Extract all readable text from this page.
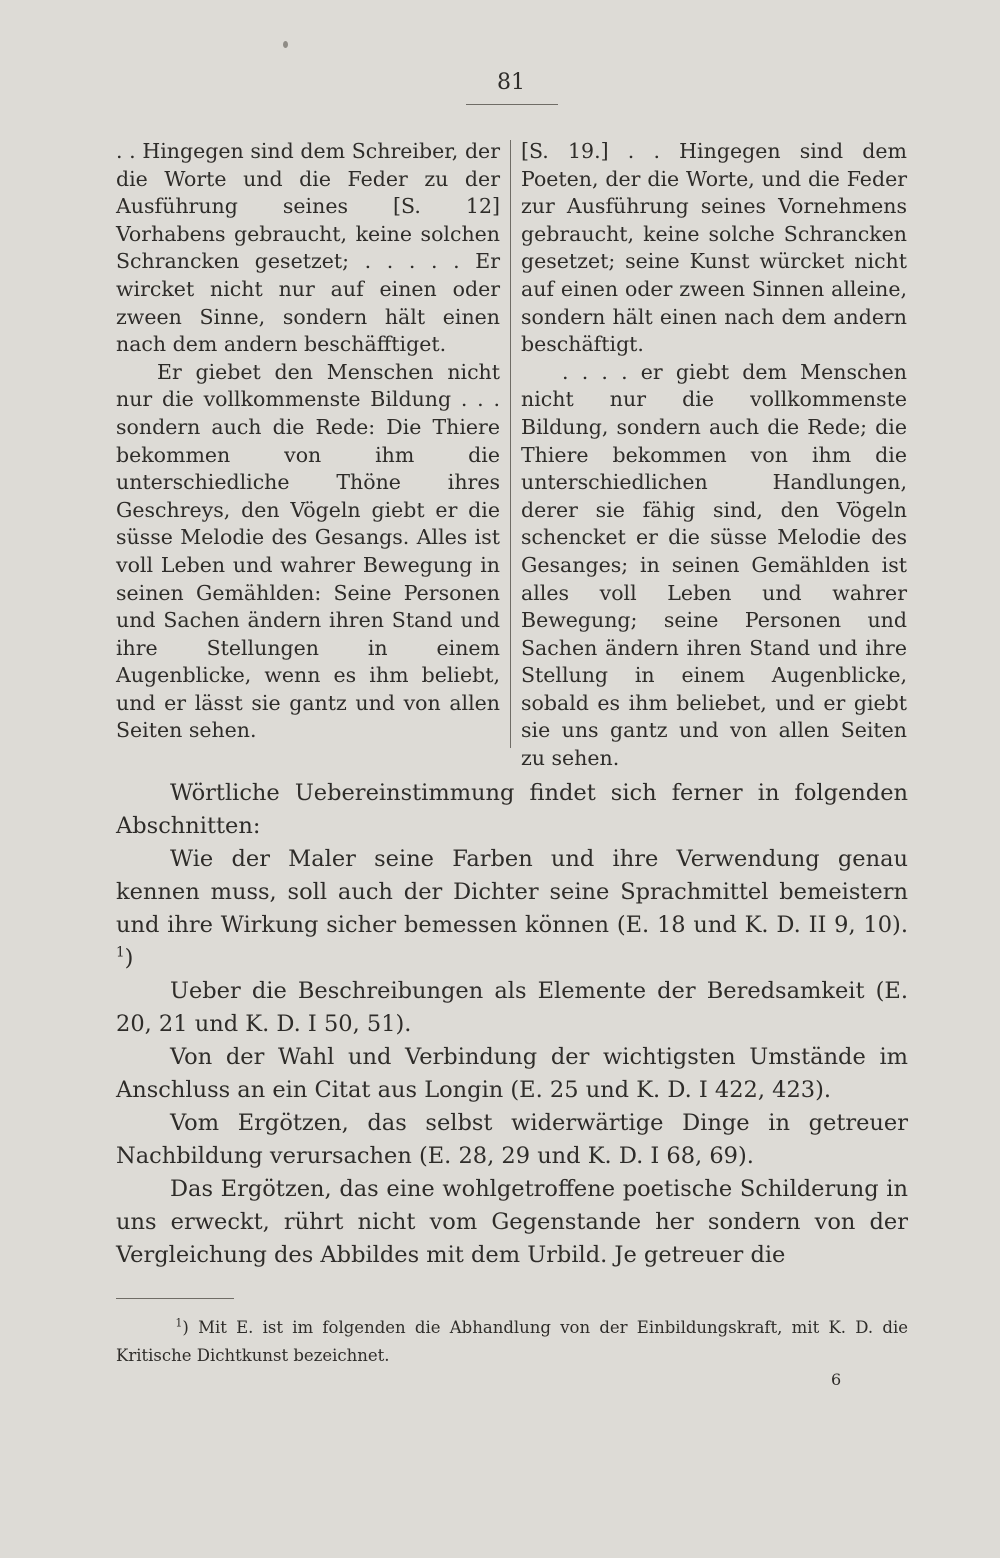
81

. . Hingegen sind dem Schreiber, der die Worte und die Feder zu der Ausführung seines [S. 12] Vorhabens gebraucht, keine solchen Schrancken gesetzet; . . . . . Er wircket nicht nur auf einen oder zween Sinne, sondern hält einen nach dem andern beschäfftiget.

Er giebet den Menschen nicht nur die vollkommenste Bildung . . . sondern auch die Rede: Die Thiere bekommen von ihm die unterschiedliche Thöne ihres Geschreys, den Vögeln giebt er die süsse Melodie des Gesangs. Alles ist voll Leben und wahrer Bewegung in seinen Gemählden: Seine Personen und Sachen ändern ihren Stand und ihre Stellungen in einem Augenblicke, wenn es ihm beliebt, und er lässt sie gantz und von allen Seiten sehen.

[S. 19.] . . Hingegen sind dem Poeten, der die Worte, und die Feder zur Ausführung seines Vornehmens gebraucht, keine solche Schrancken gesetzet; seine Kunst würcket nicht auf einen oder zween Sinnen alleine, sondern hält einen nach dem andern beschäftigt.

. . . . er giebt dem Menschen nicht nur die vollkommenste Bildung, sondern auch die Rede; die Thiere bekommen von ihm die unterschiedlichen Handlungen, derer sie fähig sind, den Vögeln schencket er die süsse Melodie des Gesanges; in seinen Gemählden ist alles voll Leben und wahrer Bewegung; seine Personen und Sachen ändern ihren Stand und ihre Stellung in einem Augenblicke, sobald es ihm beliebet, und er giebt sie uns gantz und von allen Seiten zu sehen.

Wörtliche Uebereinstimmung findet sich ferner in folgenden Abschnitten:

Wie der Maler seine Farben und ihre Verwendung genau kennen muss, soll auch der Dichter seine Sprachmittel bemeistern und ihre Wirkung sicher bemessen können (E. 18 und K. D. II 9, 10). $^1$)

Ueber die Beschreibungen als Elemente der Beredsamkeit (E. 20, 21 und K. D. I 50, 51).

Von der Wahl und Verbindung der wichtigsten Umstände im Anschluss an ein Citat aus Longin (E. 25 und K. D. I 422, 423).

Vom Ergötzen, das selbst widerwärtige Dinge in getreuer Nachbildung verursachen (E. 28, 29 und K. D. I 68, 69).

Das Ergötzen, das eine wohlgetroffene poetische Schilderung in uns erweckt, rührt nicht vom Gegenstande her sondern von der Vergleichung des Abbildes mit dem Urbild. Je getreuer die

$^1$) Mit E. ist im folgenden die Abhandlung von der Einbildungskraft, mit K. D. die Kritische Dichtkunst bezeichnet.

6
